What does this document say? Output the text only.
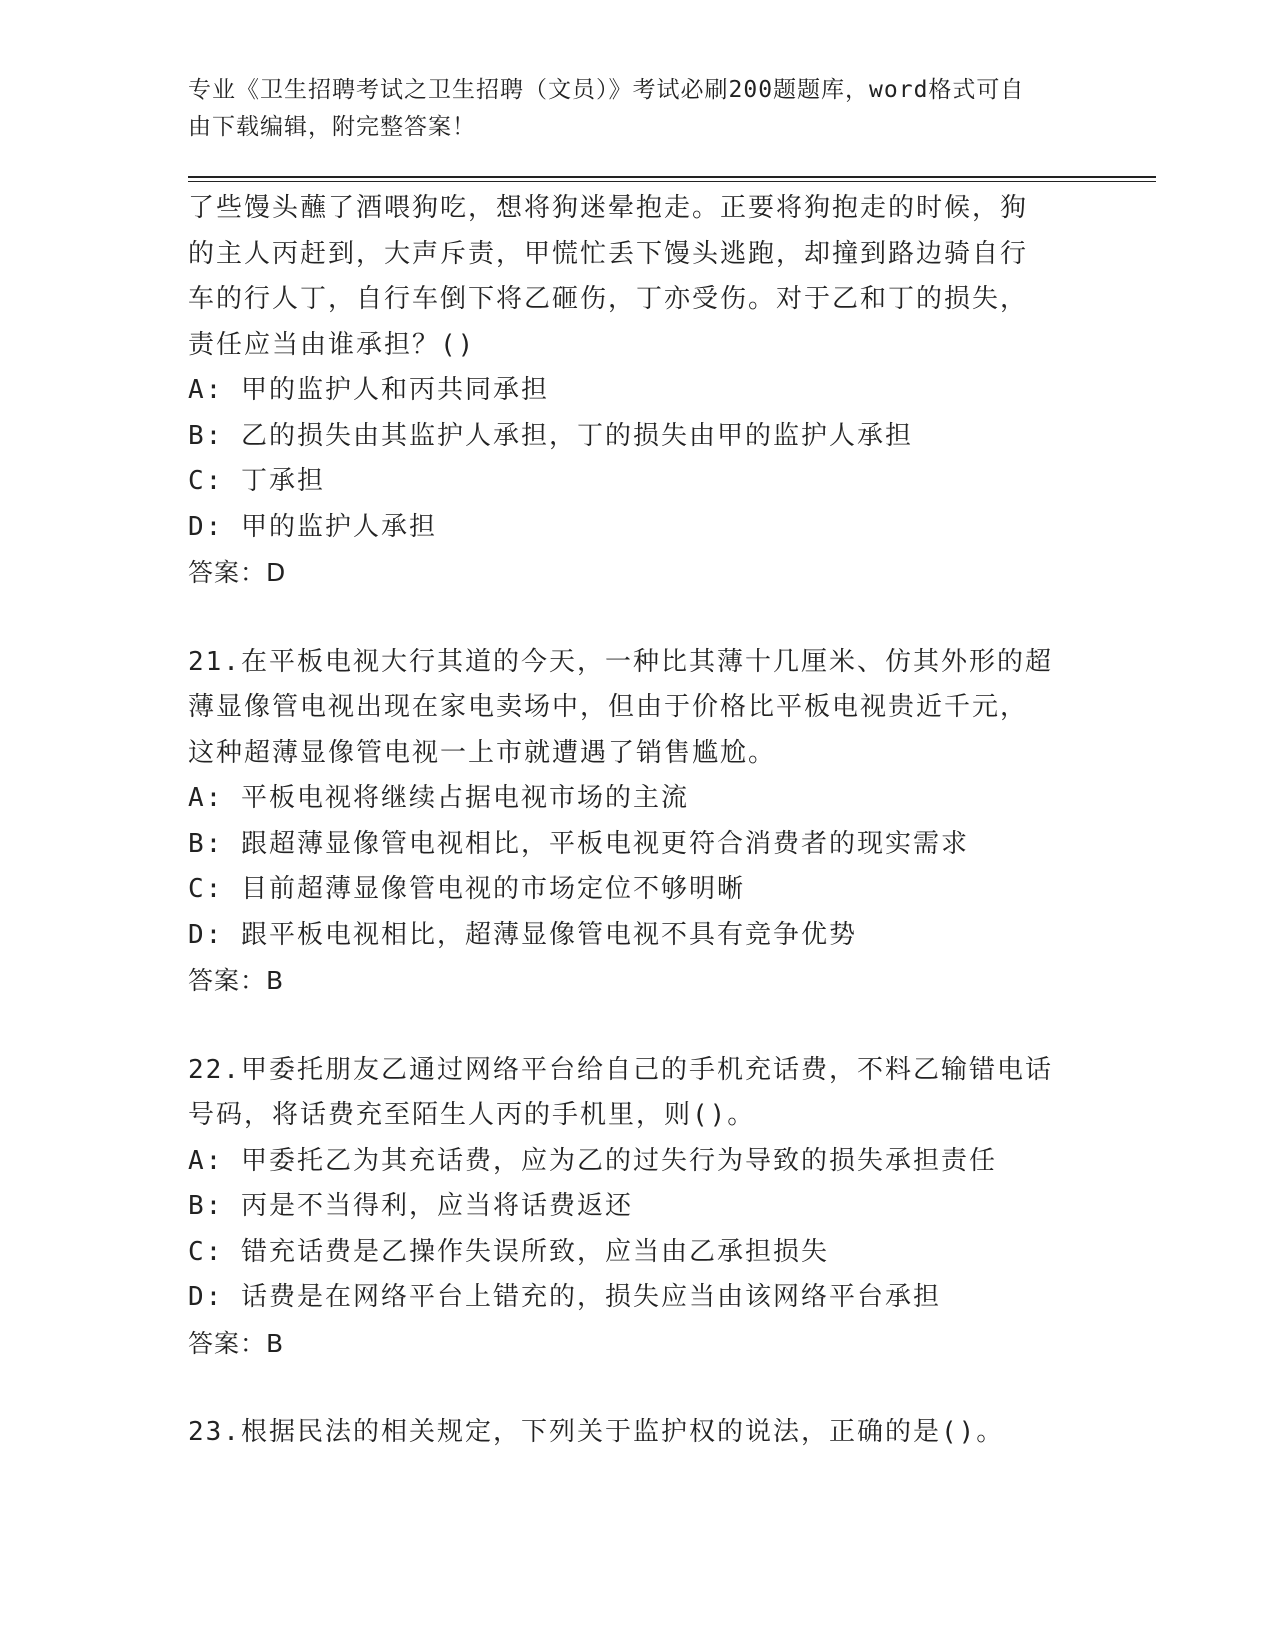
专业《卫生招聘考试之卫生招聘（文员）》考试必刷200题题库，word格式可自
由下载编辑，附完整答案！
了些馒头蘸了酒喂狗吃，想将狗迷晕抱走。正要将狗抱走的时候，狗
的主人丙赶到，大声斥责，甲慌忙丢下馒头逃跑，却撞到路边骑自行
车的行人丁，自行车倒下将乙砸伤，丁亦受伤。对于乙和丁的损失，
责任应当由谁承担？()
A: 甲的监护人和丙共同承担
B: 乙的损失由其监护人承担，丁的损失由甲的监护人承担
C: 丁承担
D: 甲的监护人承担
答案：D
21.在平板电视大行其道的今天，一种比其薄十几厘米、仿其外形的超
薄显像管电视出现在家电卖场中，但由于价格比平板电视贵近千元，
这种超薄显像管电视一上市就遭遇了销售尴尬。
A: 平板电视将继续占据电视市场的主流
B: 跟超薄显像管电视相比，平板电视更符合消费者的现实需求
C: 目前超薄显像管电视的市场定位不够明晰
D: 跟平板电视相比，超薄显像管电视不具有竞争优势
答案：B
22.甲委托朋友乙通过网络平台给自己的手机充话费，不料乙输错电话
号码，将话费充至陌生人丙的手机里，则()。
A: 甲委托乙为其充话费，应为乙的过失行为导致的损失承担责任
B: 丙是不当得利，应当将话费返还
C: 错充话费是乙操作失误所致，应当由乙承担损失
D: 话费是在网络平台上错充的，损失应当由该网络平台承担
答案：B
23.根据民法的相关规定，下列关于监护权的说法，正确的是()。
